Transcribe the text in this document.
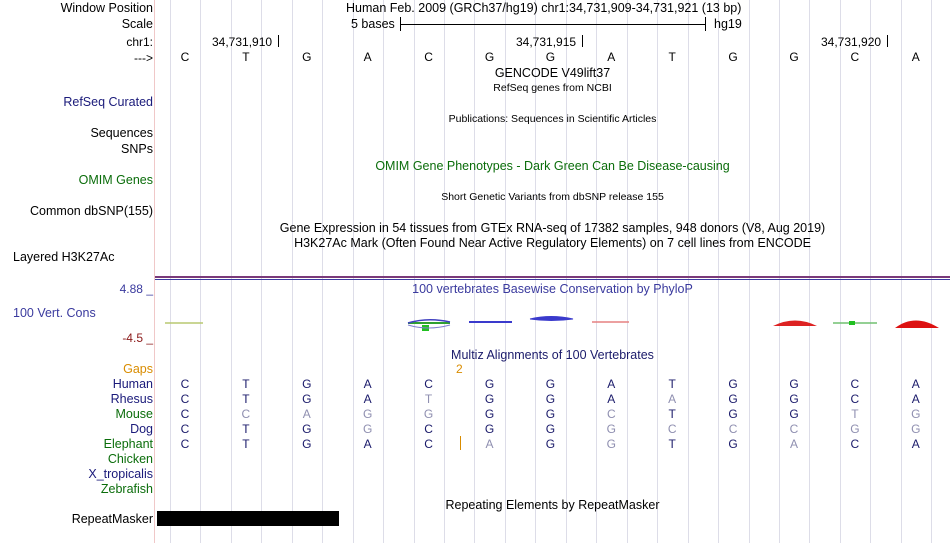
Window Position	Human Feb. 2009 (GRCh37/hg19) chr1:34,731,909-34,731,921 (13 bp)
Scale	5 bases	hg19
chr1:	34,731,910	34,731,915	34,731,920
---> C	T	G	A	C	G	G	A	T	G	G	C	A
GENCODE V49lift37
RefSeq genes from NCBI
RefSeq Curated
Publications: Sequences in Scientific Articles
Sequences
SNPs
OMIM Gene Phenotypes - Dark Green Can Be Disease-causing
OMIM Genes
Short Genetic Variants from dbSNP release 155
Common dbSNP(155)
Gene Expression in 54 tissues from GTEx RNA-seq of 17382 samples, 948 donors (V8, Aug 2019)
H3K27Ac Mark (Often Found Near Active Regulatory Elements) on 7 cell lines from ENCODE
Layered H3K27Ac
4.88 _	100 vertebrates Basewise Conservation by PhyloP
100 Vert. Cons
-4.5 _
Multiz Alignments of 100 Vertebrates
Gaps	2
Human C	T	G	A	C	G	G	A	T	G	G	C	A
Rhesus C	T	G	A	T	G	G	A	A	G	G	C	A
Mouse C	C	A	G	G	G	G	C	T	G	G	T	G
Dog C	T	G	G	C	G	G	G	C	C	C	G	G
Elephant C	T	G	A	C	A	G	G	T	G	A	C	A
Chicken
X_tropicalis
Zebrafish
Repeating Elements by RepeatMasker
RepeatMasker
